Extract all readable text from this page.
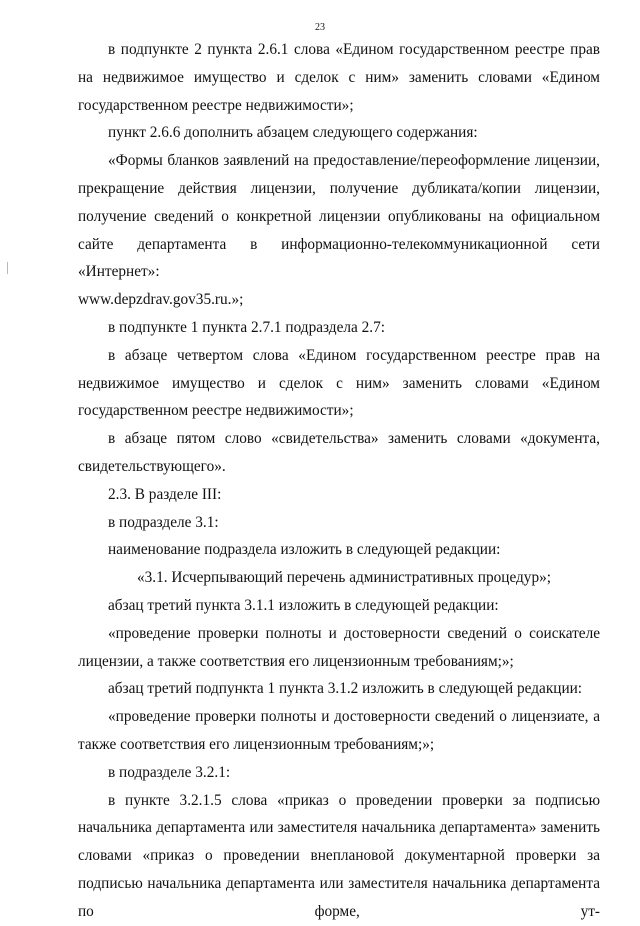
23

в подпункте 2 пункта 2.6.1 слова «Едином государственном реестре прав на недвижимое имущество и сделок с ним» заменить словами «Едином государственном реестре недвижимости»;

пункт 2.6.6 дополнить абзацем следующего содержания:

«Формы бланков заявлений на предоставление/переоформление лицензии, прекращение действия лицензии, получение дубликата/копии лицензии, получение сведений о конкретной лицензии опубликованы на официальном сайте департамента в информационно-телекоммуникационной сети «Интернет»:

www.depzdrav.gov35.ru.»;

в подпункте 1 пункта 2.7.1 подраздела 2.7:

в абзаце четвертом слова «Едином государственном реестре прав на недвижимое имущество и сделок с ним» заменить словами «Едином государственном реестре недвижимости»;

в абзаце пятом слово «свидетельства» заменить словами «документа, свидетельствующего».

2.3. В разделе III:

в подразделе 3.1:

наименование подраздела изложить в следующей редакции:

«3.1. Исчерпывающий перечень административных процедур»;

абзац третий пункта 3.1.1 изложить в следующей редакции:

«проведение проверки полноты и достоверности сведений о соискателе лицензии, а также соответствия его лицензионным требованиям;»;

абзац третий подпункта 1 пункта 3.1.2 изложить в следующей редакции:

«проведение проверки полноты и достоверности сведений о лицензиате, а также соответствия его лицензионным требованиям;»;

в подразделе 3.2.1:

в пункте 3.2.1.5 слова «приказ о проведении проверки за подписью начальника департамента или заместителя начальника департамента» заменить словами «приказ о проведении внеплановой документарной проверки за подписью начальника департамента или заместителя начальника департамента по форме, ут-
